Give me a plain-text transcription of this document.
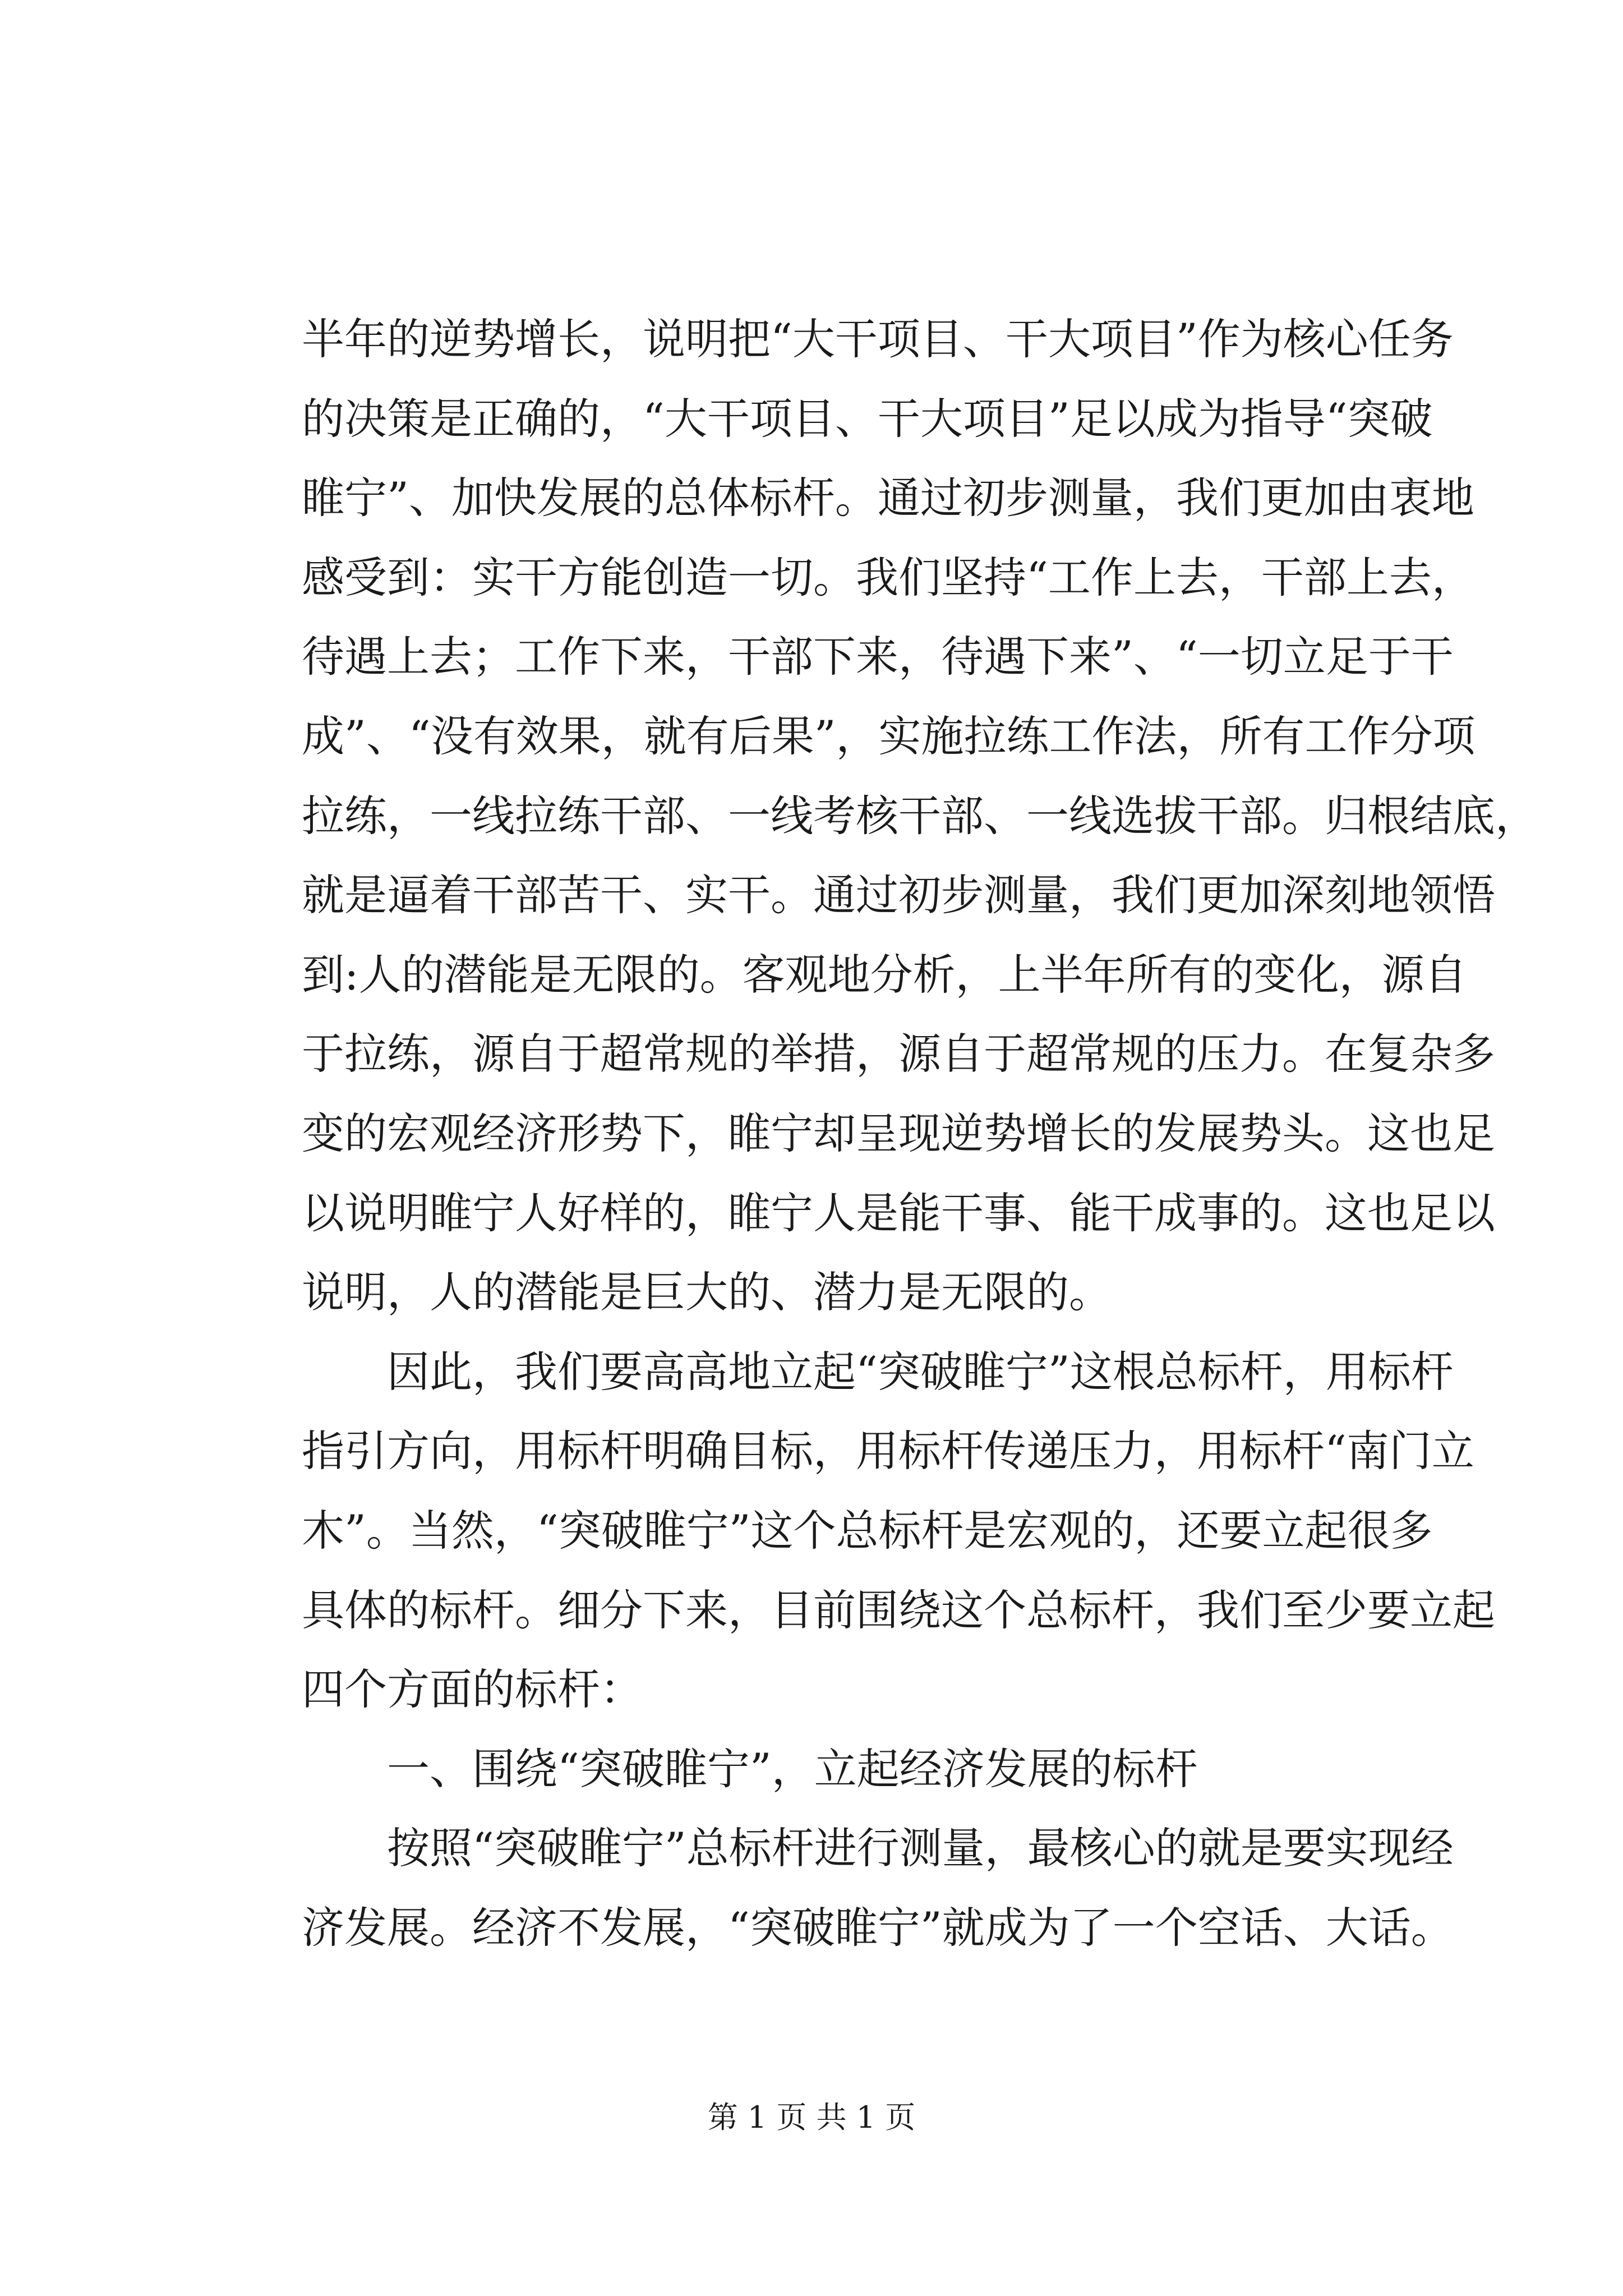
半年的逆势增长，说明把“大干项目、干大项目”作为核心任务
的决策是正确的，“大干项目、干大项目”足以成为指导“突破
睢宁”、加快发展的总体标杆。通过初步测量，我们更加由衷地
感受到：实干方能创造一切。我们坚持“工作上去，干部上去，
待遇上去；工作下来，干部下来，待遇下来”、“一切立足于干
成”、“没有效果，就有后果”，实施拉练工作法，所有工作分项
拉练，一线拉练干部、一线考核干部、一线选拔干部。归根结底，
就是逼着干部苦干、实干。通过初步测量，我们更加深刻地领悟
到:人的潜能是无限的。客观地分析，上半年所有的变化，源自
于拉练，源自于超常规的举措，源自于超常规的压力。在复杂多
变的宏观经济形势下，睢宁却呈现逆势增长的发展势头。这也足
以说明睢宁人好样的，睢宁人是能干事、能干成事的。这也足以
说明，人的潜能是巨大的、潜力是无限的。
因此，我们要高高地立起“突破睢宁”这根总标杆，用标杆
指引方向，用标杆明确目标，用标杆传递压力，用标杆“南门立
木”。当然，“突破睢宁”这个总标杆是宏观的，还要立起很多
具体的标杆。细分下来，目前围绕这个总标杆，我们至少要立起
四个方面的标杆：
一、围绕“突破睢宁”，立起经济发展的标杆
按照“突破睢宁”总标杆进行测量，最核心的就是要实现经
济发展。经济不发展，“突破睢宁”就成为了一个空话、大话。
第 1 页 共 1 页
